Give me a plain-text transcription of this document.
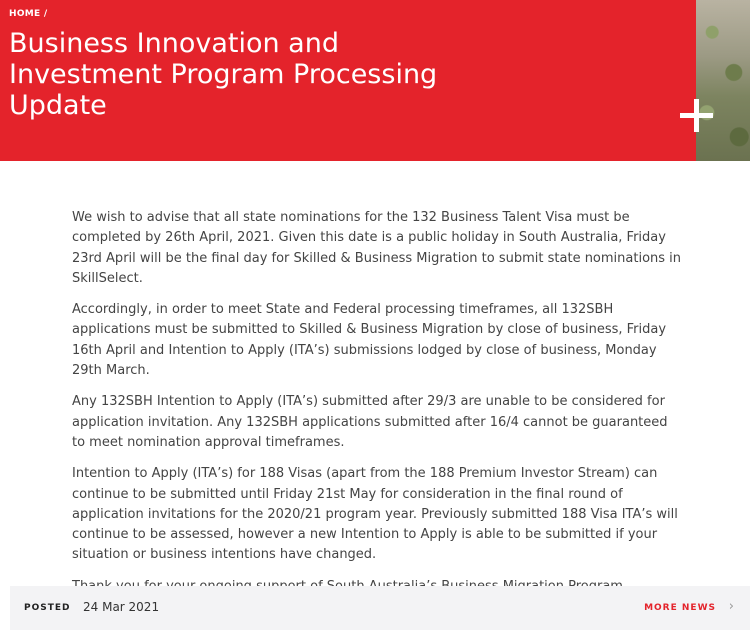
HOME /
Business Innovation and Investment Program Processing Update

We wish to advise that all state nominations for the 132 Business Talent Visa must be completed by 26th April, 2021. Given this date is a public holiday in South Australia, Friday 23rd April will be the final day for Skilled & Business Migration to submit state nominations in SkillSelect.

Accordingly, in order to meet State and Federal processing timeframes, all 132SBH applications must be submitted to Skilled & Business Migration by close of business, Friday 16th April and Intention to Apply (ITA’s) submissions lodged by close of business, Monday 29th March.

Any 132SBH Intention to Apply (ITA’s) submitted after 29/3 are unable to be considered for application invitation. Any 132SBH applications submitted after 16/4 cannot be guaranteed to meet nomination approval timeframes.

Intention to Apply (ITA’s) for 188 Visas (apart from the 188 Premium Investor Stream) can continue to be submitted until Friday 21st May for consideration in the final round of application invitations for the 2020/21 program year. Previously submitted 188 Visa ITA’s will continue to be assessed, however a new Intention to Apply is able to be submitted if your situation or business intentions have changed.

POSTED 24 Mar 2021	MORE NEWS ›
